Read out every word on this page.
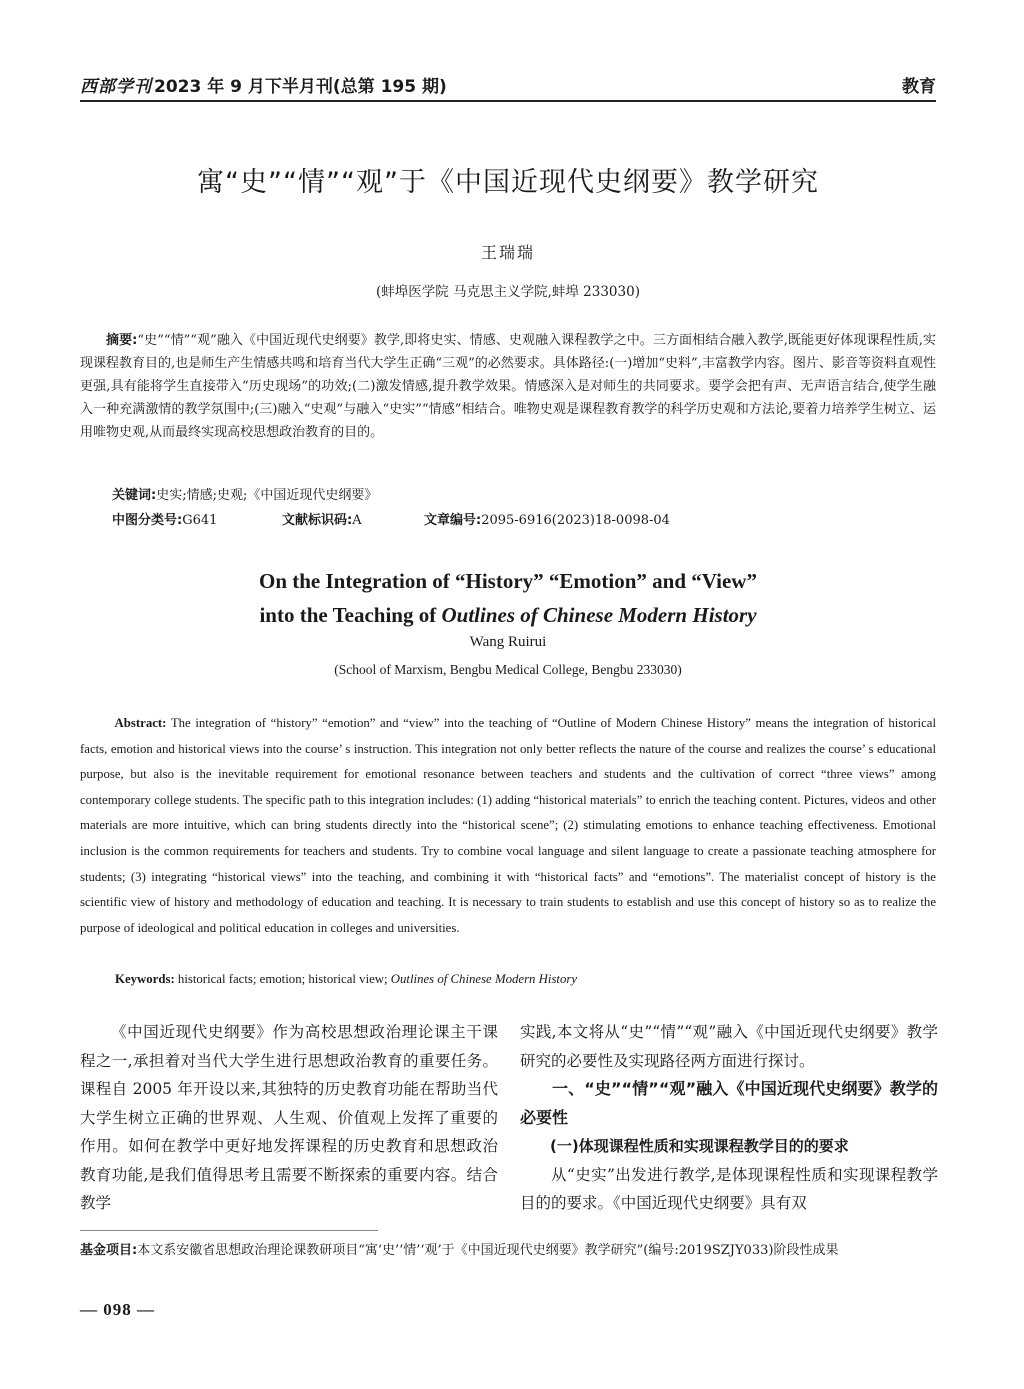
西部学刊 2023 年 9 月下半月刊(总第 195 期)	教育
寓“史”“情”“观”于《中国近现代史纲要》教学研究
王瑞瑞
(蚌埠医学院 马克思主义学院,蚌埠 233030)
摘要:“史”“情”“观”融入《中国近现代史纲要》教学,即将史实、情感、史观融入课程教学之中。三方面相结合融入教学,既能更好体现课程性质,实现课程教育目的,也是师生产生情感共鸣和培育当代大学生正确“三观”的必然要求。具体路径:(一)增加“史料”,丰富教学内容。图片、影音等资料直观性更强,具有能将学生直接带入“历史现场”的功效;(二)激发情感,提升教学效果。情感深入是对师生的共同要求。要学会把有声、无声语言结合,使学生融入一种充满激情的教学氛围中;(三)融入“史观”与融入“史实”“情感”相结合。唯物史观是课程教育教学的科学历史观和方法论,要着力培养学生树立、运用唯物史观,从而最终实现高校思想政治教育的目的。
关键词:史实;情感;史观;《中国近现代史纲要》
中图分类号:G641	文献标识码:A	文章编号:2095-6916(2023)18-0098-04
On the Integration of “History” “Emotion” and “View”
into the Teaching of Outlines of Chinese Modern History
Wang Ruirui
(School of Marxism, Bengbu Medical College, Bengbu 233030)
Abstract: The integration of “history” “emotion” and “view” into the teaching of “Outline of Modern Chinese History” means the integration of historical facts, emotion and historical views into the course’ s instruction. This integration not only better reflects the nature of the course and realizes the course’ s educational purpose, but also is the inevitable requirement for emotional resonance between teachers and students and the cultivation of correct “three views” among contemporary college students. The specific path to this integration includes: (1) adding “historical materials” to enrich the teaching content. Pictures, videos and other materials are more intuitive, which can bring students directly into the “historical scene”; (2) stimulating emotions to enhance teaching effectiveness. Emotional inclusion is the common requirements for teachers and students. Try to combine vocal language and silent language to create a passionate teaching atmosphere for students; (3) integrating “historical views” into the teaching, and combining it with “historical facts” and “emotions”. The materialist concept of history is the scientific view of history and methodology of education and teaching. It is necessary to train students to establish and use this concept of history so as to realize the purpose of ideological and political education in colleges and universities.
Keywords: historical facts; emotion; historical view; Outlines of Chinese Modern History

《中国近现代史纲要》作为高校思想政治理论课主干课程之一,承担着对当代大学生进行思想政治教育的重要任务。课程自 2005 年开设以来,其独特的历史教育功能在帮助当代大学生树立正确的世界观、人生观、价值观上发挥了重要的作用。如何在教学中更好地发挥课程的历史教育和思想政治教育功能,是我们值得思考且需要不断探索的重要内容。结合教学

实践,本文将从“史”“情”“观”融入《中国近现代史纲要》教学研究的必要性及实现路径两方面进行探讨。

一、“史”“情”“观”融入《中国近现代史纲要》教学的必要性
(一)体现课程性质和实现课程教学目的的要求

从“史实”出发进行教学,是体现课程性质和实现课程教学目的的要求。《中国近现代史纲要》具有双

基金项目:本文系安徽省思想政治理论课教研项目“寓‘史’‘情’‘观’于《中国近现代史纲要》教学研究”(编号:2019SZJY033)阶段性成果
— 098 —
